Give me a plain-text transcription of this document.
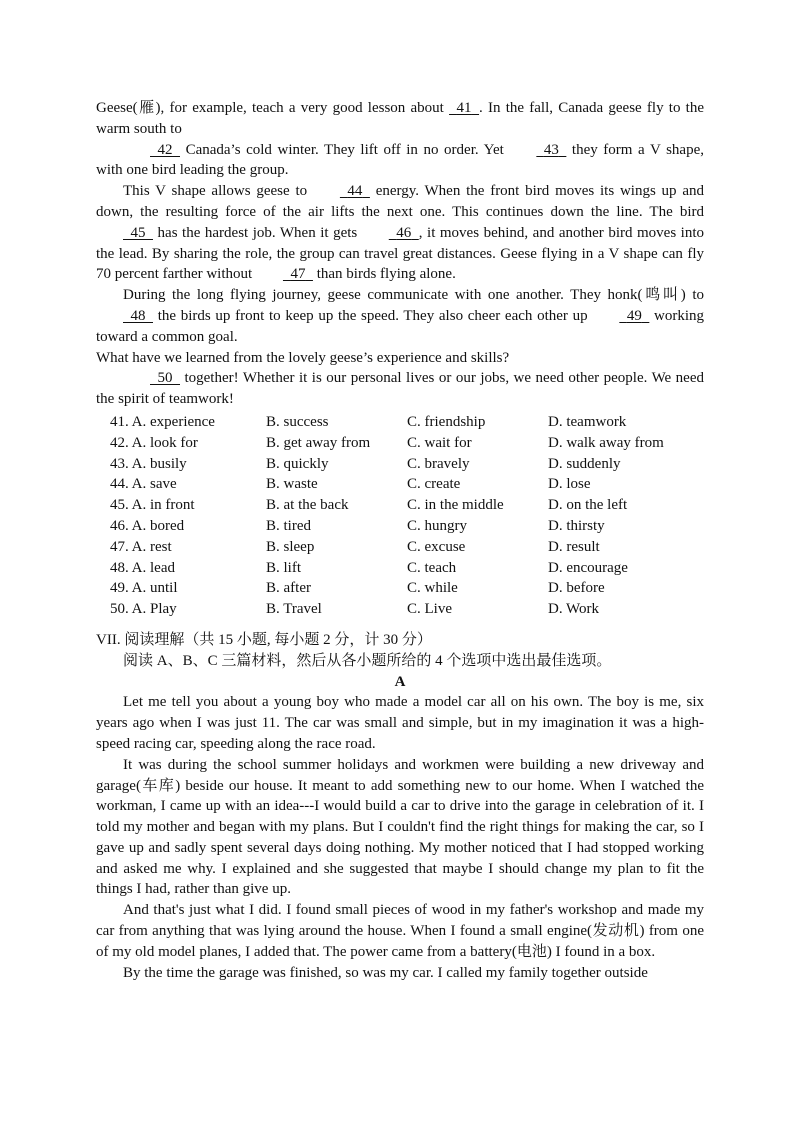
Geese(雁), for example, teach a very good lesson about 41 . In the fall, Canada geese fly to the warm south to

42 Canada’s cold winter. They lift off in no order. Yet	43 they form a V shape, with one bird leading the group.

This V shape allows geese to	44 energy. When the front bird moves its wings up and down, the resulting force of the air lifts the next one. This continues down the line. The bird 45 has the hardest job. When it gets	46 , it moves behind, and another bird moves into the lead. By sharing the role, the group can travel great distances. Geese flying in a V shape can fly 70 percent farther without	47 than birds flying alone.

During the long flying journey, geese communicate with one another. They honk(鸣叫) to 48 the birds up front to keep up the speed. They also cheer each other up	49 working toward a common goal.

What have we learned from the lovely geese’s experience and skills?

50 together! Whether it is our personal lives or our jobs, we need other people. We need the spirit of teamwork!

41. A. experience	B. success	C. friendship	D. teamwork
42. A. look for	B. get away from	C. wait for	D. walk away from
43. A. busily	B. quickly	C. bravely	D. suddenly
44. A. save	B. waste	C. create	D. lose
45. A. in front	B. at the back	C. in the middle	D. on the left
46. A. bored	B. tired	C. hungry	D. thirsty
47. A. rest	B. sleep	C. excuse	D. result
48. A. lead	B. lift	C. teach	D. encourage
49. A. until	B. after	C. while	D. before
50. A. Play	B. Travel	C. Live	D. Work

VII. 阅读理解（共 15 小题, 每小题 2 分，计 30 分）

阅读 A、B、C 三篇材料，然后从各小题所给的 4 个选项中选出最佳选项。

A

Let me tell you about a young boy who made a model car all on his own. The boy is me, six years ago when I was just 11. The car was small and simple, but in my imagination it was a high-speed racing car, speeding along the race road.

It was during the school summer holidays and workmen were building a new driveway and garage(车库) beside our house. It meant to add something new to our home. When I watched the workman, I came up with an idea---I would build a car to drive into the garage in celebration of it. I told my mother and began with my plans. But I couldn't find the right things for making the car, so I gave up and sadly spent several days doing nothing. My mother noticed that I had stopped working and asked me why. I explained and she suggested that maybe I should change my plan to fit the things I had, rather than give up.

And that's just what I did. I found small pieces of wood in my father's workshop and made my car from anything that was lying around the house. When I found a small engine(发动机) from one of my old model planes, I added that. The power came from a battery(电池) I found in a box.

By the time the garage was finished, so was my car. I called my family together outside
